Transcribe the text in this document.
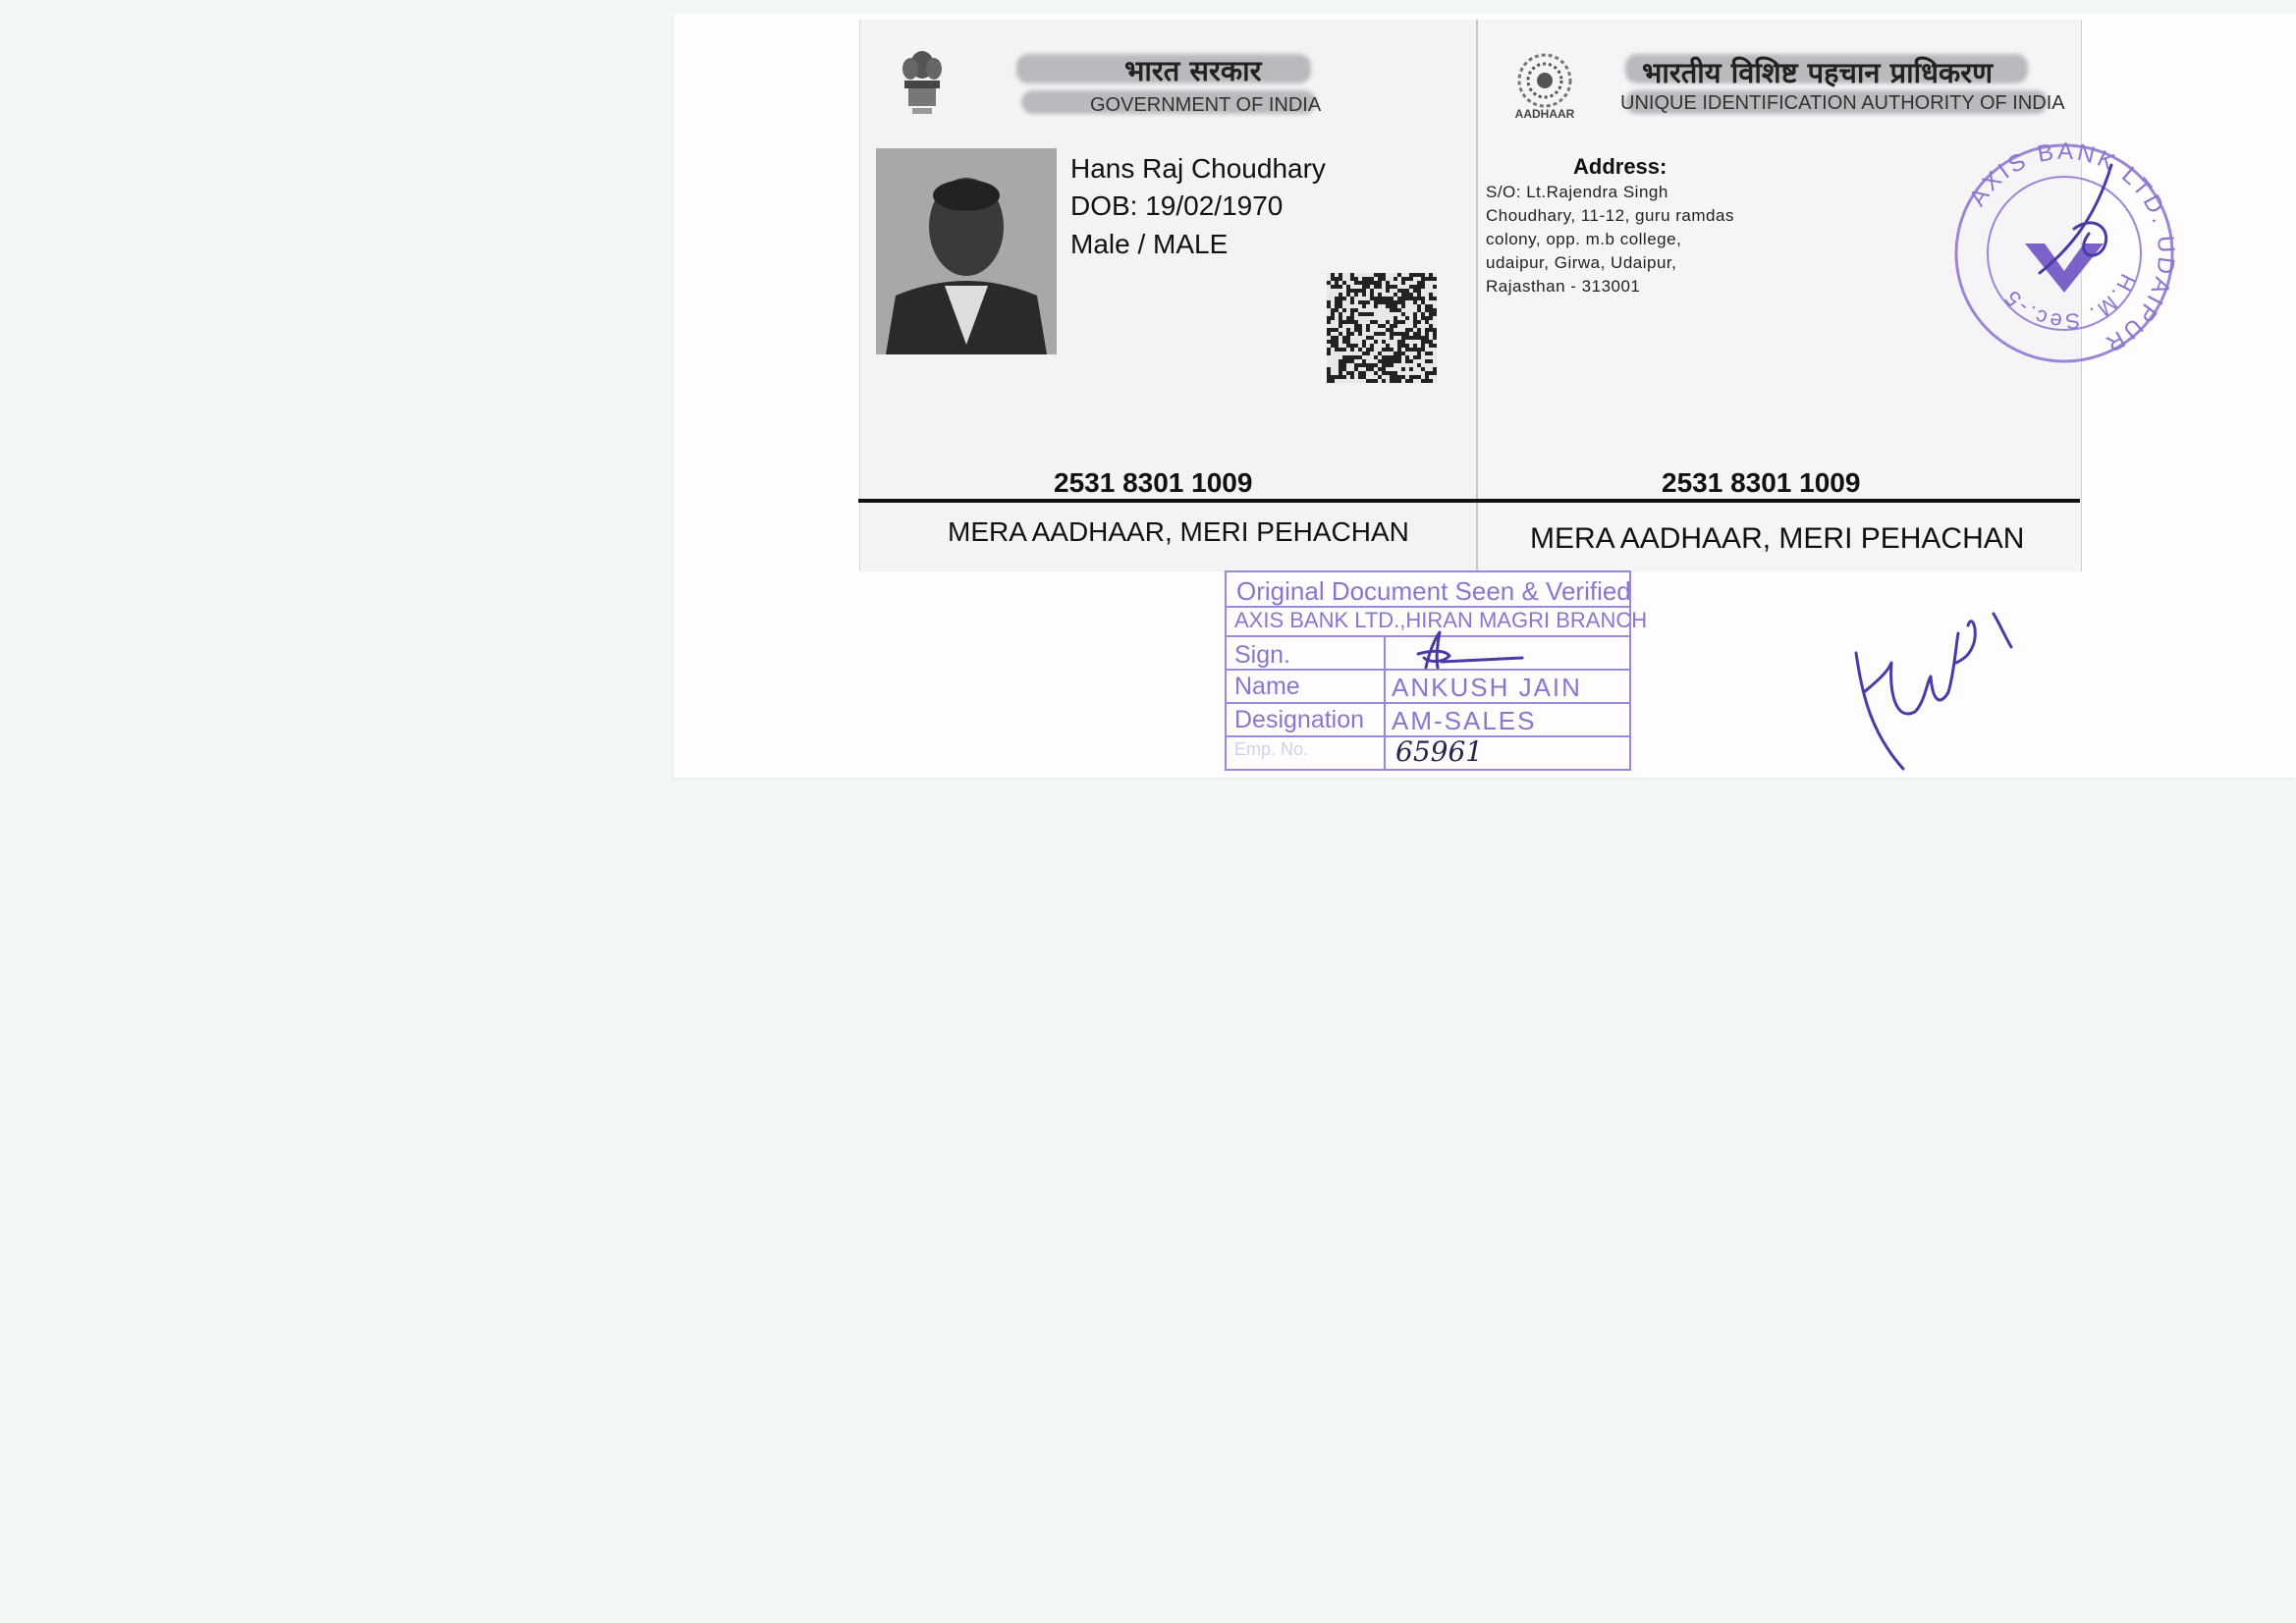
भारत सरकार
GOVERNMENT OF INDIA
Hans Raj Choudhary
DOB: 19/02/1970
Male / MALE
2531 8301 1009
MERA AADHAAR, MERI PEHACHAN
AADHAAR
भारतीय विशिष्ट पहचान प्राधिकरण
UNIQUE IDENTIFICATION AUTHORITY OF INDIA
Address:
S/O: Lt.Rajendra Singh
Choudhary, 11-12, guru ramdas
colony, opp. m.b college,
udaipur, Girwa, Udaipur,
Rajasthan - 313001
2531 8301 1009
MERA AADHAAR, MERI PEHACHAN
AXIS BANK LTD. UDAIPUR
H.M. Sec.-5
Original Document Seen & Verified
AXIS BANK LTD.,HIRAN MAGRI BRANCH
Sign.
Name	ANKUSH JAIN
Designation AM-SALES
Emp. No.	65961
